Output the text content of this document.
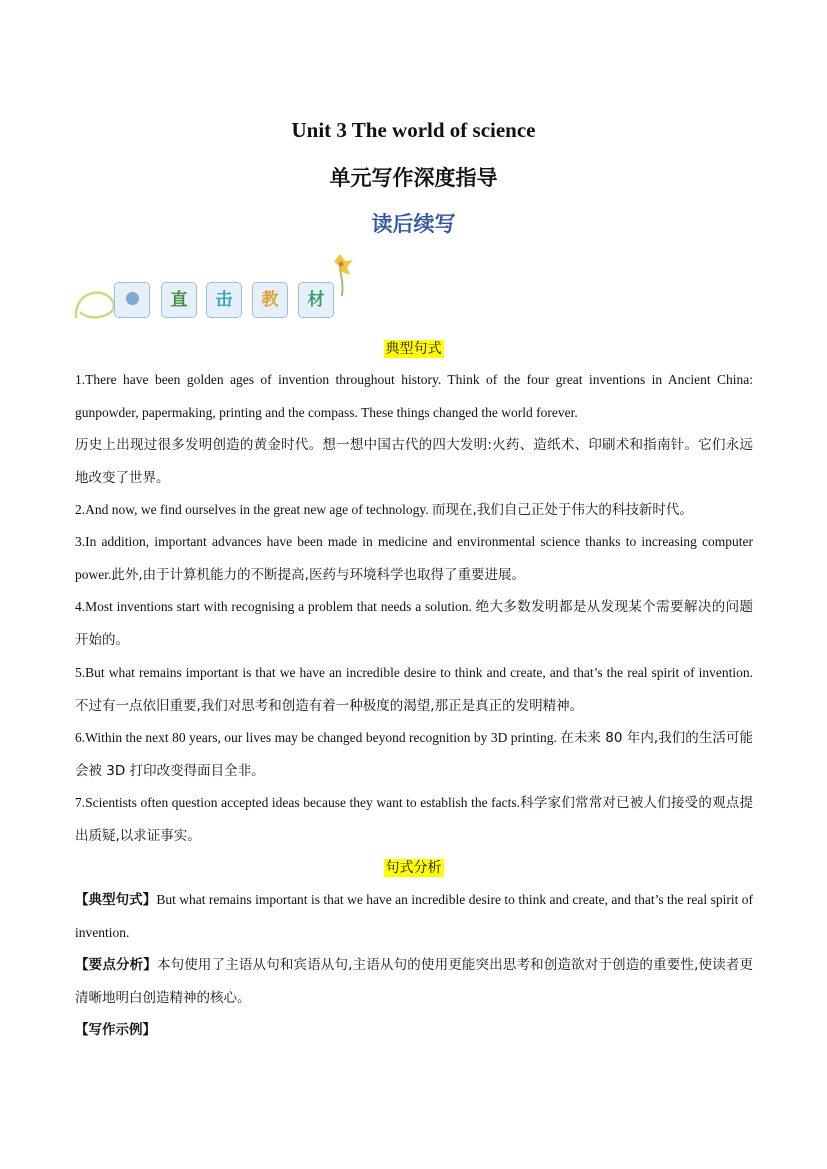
Unit 3 The world of science
单元写作深度指导
读后续写
直	击	教	材
典型句式
1.There have been golden ages of invention throughout history. Think of the four great inventions in Ancient China: gunpowder, papermaking, printing and the compass. These things changed the world forever.
历史上出现过很多发明创造的黄金时代。想一想中国古代的四大发明:火药、造纸术、印刷术和指南针。它们永远地改变了世界。
2.And now, we find ourselves in the great new age of technology. 而现在,我们自己正处于伟大的科技新时代。
3.In addition, important advances have been made in medicine and environmental science thanks to increasing computer power.此外,由于计算机能力的不断提高,医药与环境科学也取得了重要进展。
4.Most inventions start with recognising a problem that needs a solution. 绝大多数发明都是从发现某个需要解决的问题开始的。
5.But what remains important is that we have an incredible desire to think and create, and that’s the real spirit of invention. 不过有一点依旧重要,我们对思考和创造有着一种极度的渴望,那正是真正的发明精神。
6.Within the next 80 years, our lives may be changed beyond recognition by 3D printing. 在未来 80 年内,我们的生活可能会被 3D 打印改变得面目全非。
7.Scientists often question accepted ideas because they want to establish the facts.科学家们常常对已被人们接受的观点提出质疑,以求证事实。
句式分析
【典型句式】But what remains important is that we have an incredible desire to think and create, and that’s the real spirit of invention.
【要点分析】本句使用了主语从句和宾语从句,主语从句的使用更能突出思考和创造欲对于创造的重要性,使读者更清晰地明白创造精神的核心。
【写作示例】
